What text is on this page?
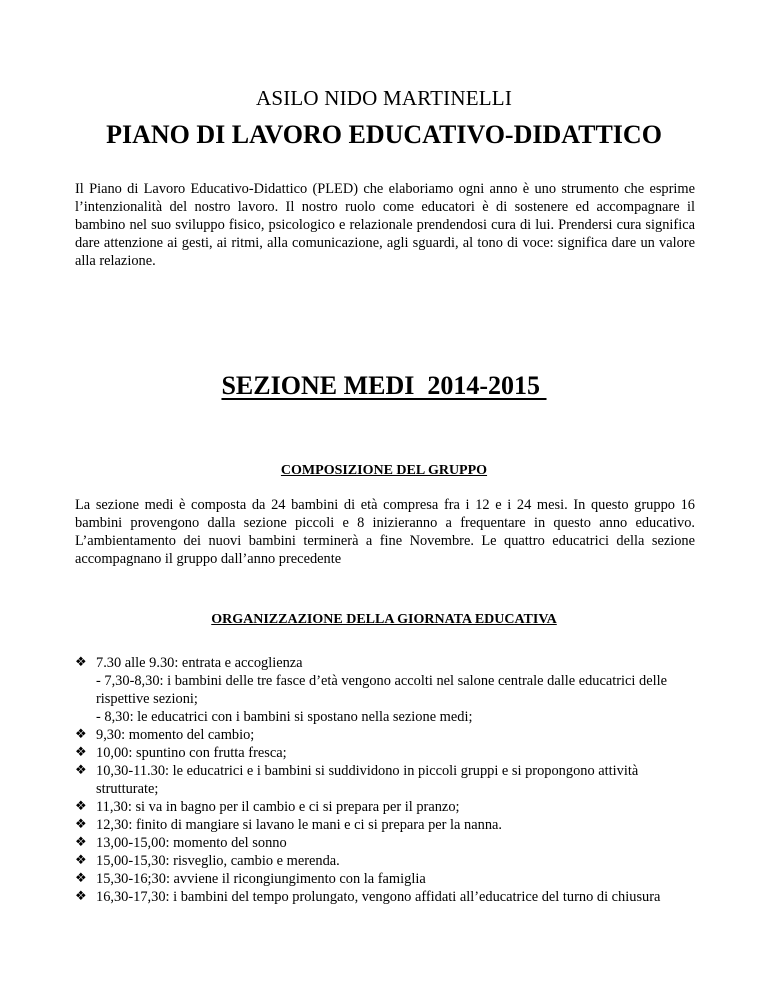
ASILO NIDO MARTINELLI
PIANO DI LAVORO EDUCATIVO-DIDATTICO

Il Piano di Lavoro Educativo-Didattico (PLED) che elaboriamo ogni anno è uno strumento che esprime l’intenzionalità del nostro lavoro. Il nostro ruolo come educatori è di sostenere ed accompagnare il bambino nel suo sviluppo fisico, psicologico e relazionale prendendosi cura di lui. Prendersi cura significa dare attenzione ai gesti, ai ritmi, alla comunicazione, agli sguardi, al tono di voce: significa dare un valore alla relazione.

SEZIONE MEDI  2014-2015
COMPOSIZIONE DEL GRUPPO

La sezione medi è composta da 24 bambini di età compresa fra i 12 e i 24 mesi. In questo gruppo 16 bambini provengono dalla sezione piccoli e 8 inizieranno a frequentare in questo anno educativo. L’ambientamento dei nuovi bambini terminerà a fine Novembre. Le quattro educatrici della sezione accompagnano il gruppo dall’anno precedente

ORGANIZZAZIONE DELLA GIORNATA EDUCATIVA
❖ 7.30 alle 9.30: entrata e accoglienza
- 7,30-8,30: i bambini delle tre fasce d’età vengono accolti nel salone centrale dalle educatrici delle rispettive sezioni;
- 8,30: le educatrici con i bambini si spostano nella sezione medi;
❖ 9,30: momento del cambio;
❖ 10,00: spuntino con frutta fresca;
❖ 10,30-11.30: le educatrici e i bambini si suddividono in piccoli gruppi e si propongono attività strutturate;
❖ 11,30: si va in bagno per il cambio e ci si prepara per il pranzo;
❖ 12,30: finito di mangiare si lavano le mani e ci si prepara per la nanna.
❖ 13,00-15,00: momento del sonno
❖ 15,00-15,30: risveglio, cambio e merenda.
❖ 15,30-16;30: avviene il ricongiungimento con la famiglia
❖ 16,30-17,30: i bambini del tempo prolungato, vengono affidati all’educatrice del turno di chiusura
